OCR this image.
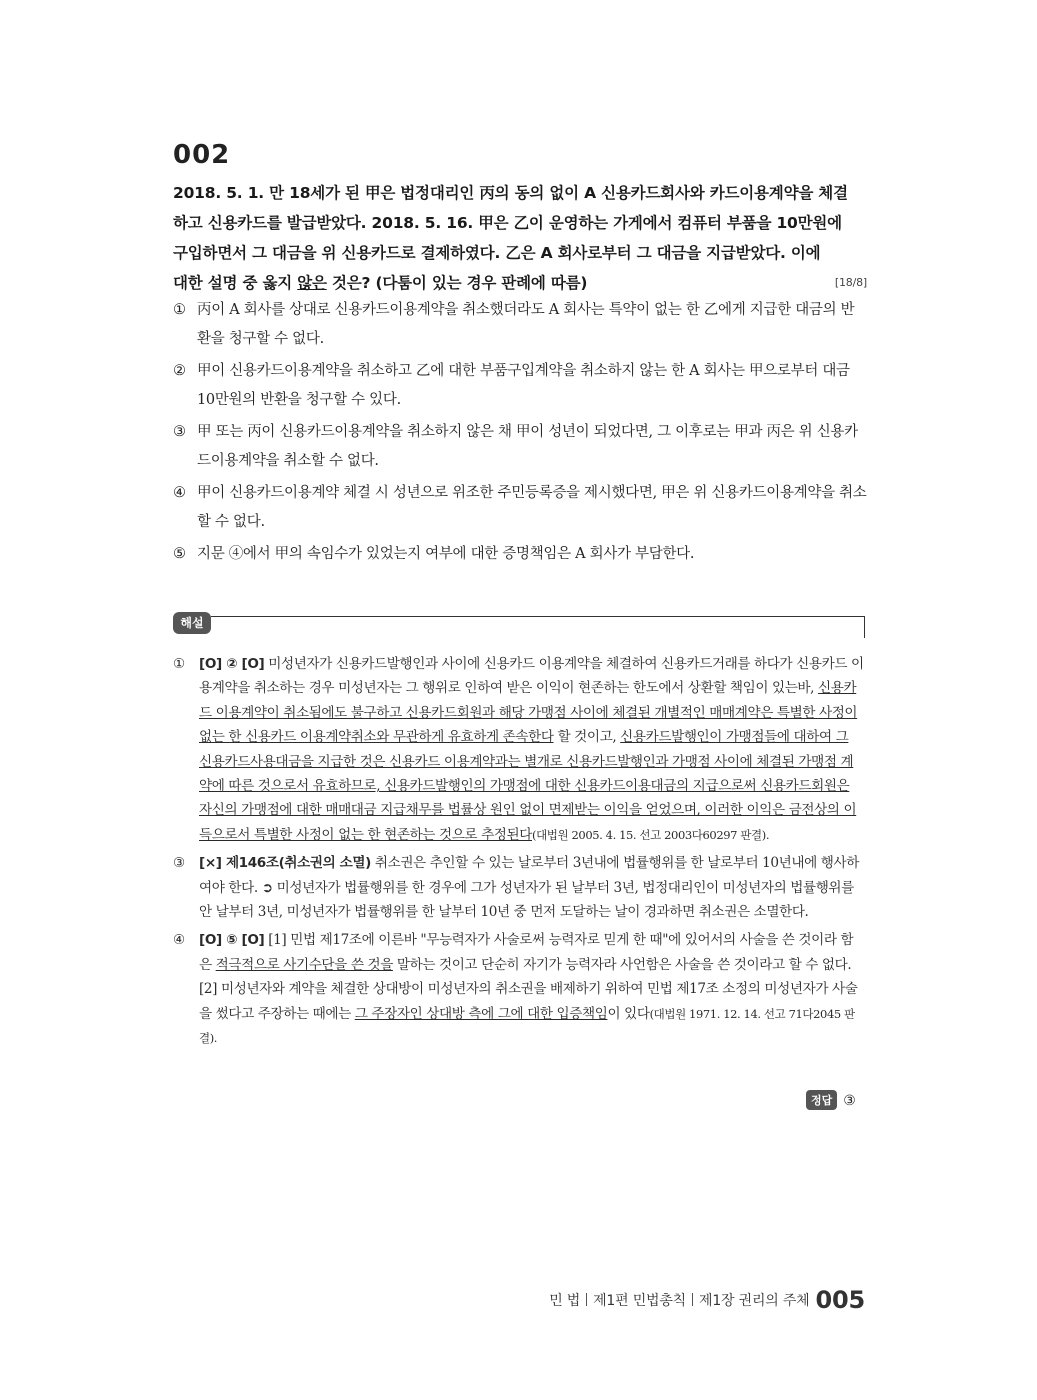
002
2018. 5. 1. 만 18세가 된 甲은 법정대리인 丙의 동의 없이 A 신용카드회사와 카드이용계약을 체결
하고 신용카드를 발급받았다. 2018. 5. 16. 甲은 乙이 운영하는 가게에서 컴퓨터 부품을 10만원에
구입하면서 그 대금을 위 신용카드로 결제하였다. 乙은 A 회사로부터 그 대금을 지급받았다. 이에
대한 설명 중 옳지 않은 것은? (다툼이 있는 경우 판례에 따름)	[18/8]
① 丙이 A 회사를 상대로 신용카드이용계약을 취소했더라도 A 회사는 특약이 없는 한 乙에게 지급한 대금의 반환을 청구할 수 없다.
② 甲이 신용카드이용계약을 취소하고 乙에 대한 부품구입계약을 취소하지 않는 한 A 회사는 甲으로부터 대금 10만원의 반환을 청구할 수 있다.
③ 甲 또는 丙이 신용카드이용계약을 취소하지 않은 채 甲이 성년이 되었다면, 그 이후로는 甲과 丙은 위 신용카드이용계약을 취소할 수 없다.
④ 甲이 신용카드이용계약 체결 시 성년으로 위조한 주민등록증을 제시했다면, 甲은 위 신용카드이용계약을 취소할 수 없다.
⑤ 지문 ④에서 甲의 속임수가 있었는지 여부에 대한 증명책임은 A 회사가 부담한다.
해설
① [O] ② [O] 미성년자가 신용카드발행인과 사이에 신용카드 이용계약을 체결하여 신용카드거래를 하다가 신용카드 이용계약을 취소하는 경우 미성년자는 그 행위로 인하여 받은 이익이 현존하는 한도에서 상환할 책임이 있는바, 신용카드 이용계약이 취소됨에도 불구하고 신용카드회원과 해당 가맹점 사이에 체결된 개별적인 매매계약은 특별한 사정이 없는 한 신용카드 이용계약취소와 무관하게 유효하게 존속한다 할 것이고, 신용카드발행인이 가맹점들에 대하여 그 신용카드사용대금을 지급한 것은 신용카드 이용계약과는 별개로 신용카드발행인과 가맹점 사이에 체결된 가맹점 계약에 따른 것으로서 유효하므로, 신용카드발행인의 가맹점에 대한 신용카드이용대금의 지급으로써 신용카드회원은 자신의 가맹점에 대한 매매대금 지급채무를 법률상 원인 없이 면제받는 이익을 얻었으며, 이러한 이익은 금전상의 이득으로서 특별한 사정이 없는 한 현존하는 것으로 추정된다(대법원 2005. 4. 15. 선고 2003다60297 판결).
③ [×] 제146조(취소권의 소멸) 취소권은 추인할 수 있는 날로부터 3년내에 법률행위를 한 날로부터 10년내에 행사하여야 한다. ➲ 미성년자가 법률행위를 한 경우에 그가 성년자가 된 날부터 3년, 법정대리인이 미성년자의 법률행위를 안 날부터 3년, 미성년자가 법률행위를 한 날부터 10년 중 먼저 도달하는 날이 경과하면 취소권은 소멸한다.
④ [O] ⑤ [O] [1] 민법 제17조에 이른바 "무능력자가 사술로써 능력자로 믿게 한 때"에 있어서의 사술을 쓴 것이라 함은 적극적으로 사기수단을 쓴 것을 말하는 것이고 단순히 자기가 능력자라 사언함은 사술을 쓴 것이라고 할 수 없다. [2] 미성년자와 계약을 체결한 상대방이 미성년자의 취소권을 배제하기 위하여 민법 제17조 소정의 미성년자가 사술을 썼다고 주장하는 때에는 그 주장자인 상대방 측에 그에 대한 입증책임이 있다(대법원 1971. 12. 14. 선고 71다2045 판결).
정답 ③
민 법 제1편 민법총칙 제1장 권리의 주체 005
